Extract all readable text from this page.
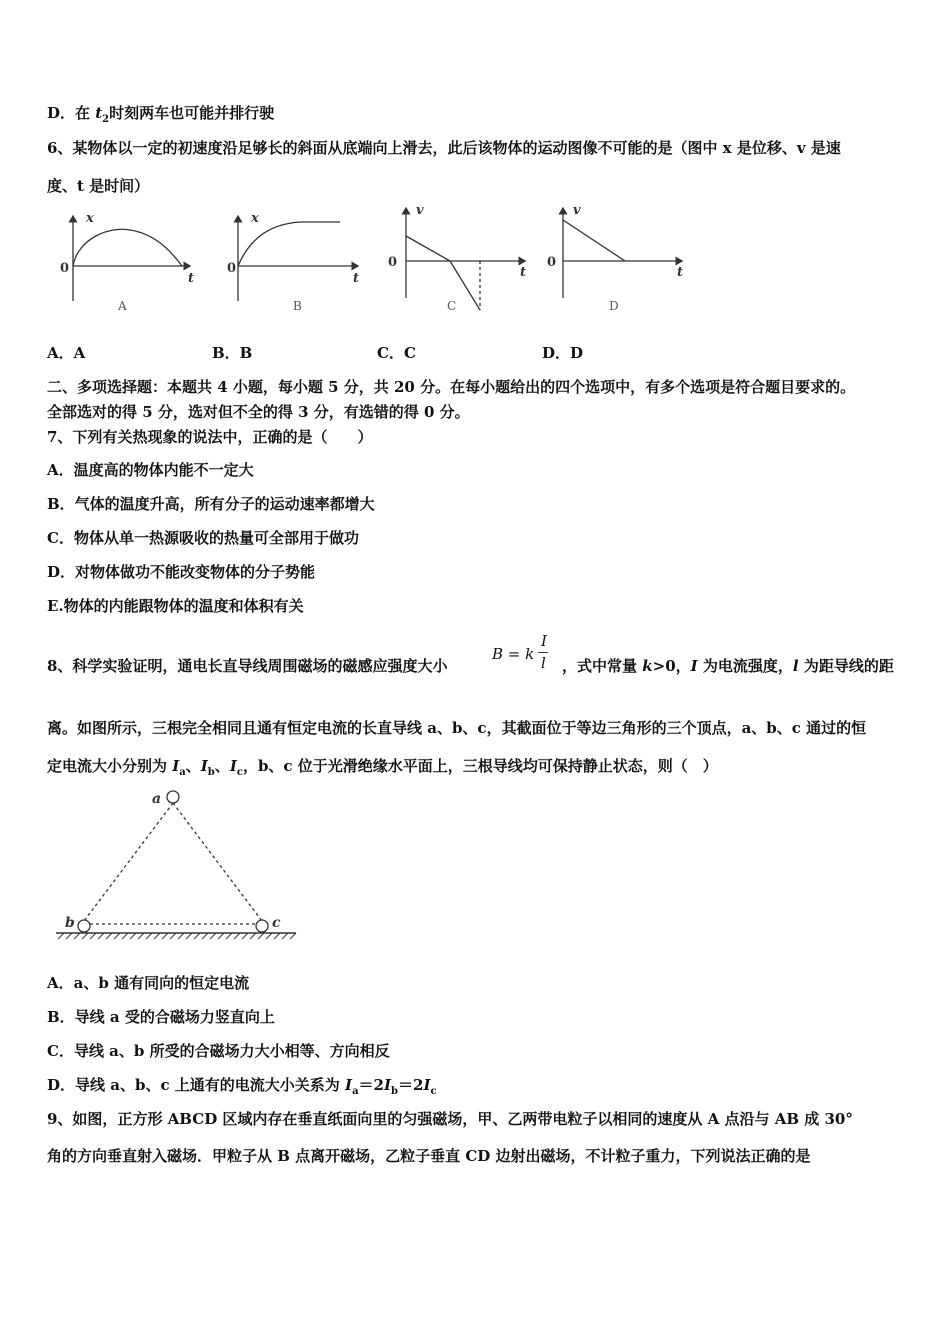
D．在 $t_2$时刻两车也可能并排行驶
6、某物体以一定的初速度沿足够长的斜面从底端向上滑去，此后该物体的运动图像不可能的是（图中 x 是位移、v 是速
度、t 是时间）
x
t
0
A
x
t
0
B
v
t
0
C
v
t
0
D
A．A	B．B	C．C	D．D
二、多项选择题：本题共 4 小题，每小题 5 分，共 20 分。在每小题给出的四个选项中，有多个选项是符合题目要求的。
全部选对的得 5 分，选对但不全的得 3 分，有选错的得 0 分。
7、下列有关热现象的说法中，正确的是（　　）
A．温度高的物体内能不一定大
B．气体的温度升高，所有分子的运动速率都增大
C．物体从单一热源吸收的热量可全部用于做功
D．对物体做功不能改变物体的分子势能
E.物体的内能跟物体的温度和体积有关
8、科学实验证明，通电长直导线周围磁场的磁感应强度大小
B = k
I
l ，式中常量 k>0，I 为电流强度，l 为距导线的距
离。如图所示，三根完全相同且通有恒定电流的长直导线 a、b、c，其截面位于等边三角形的三个顶点，a、b、c 通过的恒
定电流大小分别为 $I_a$、$I_b$、$I_c$，b、c 位于光滑绝缘水平面上，三根导线均可保持静止状态，则（　）
a
b	c
A．a、b 通有同向的恒定电流
B．导线 a 受的合磁场力竖直向上
C．导线 a、b 所受的合磁场力大小相等、方向相反
D．导线 a、b、c 上通有的电流大小关系为 $I_a=2I_b=2I_c$
9、如图，正方形 ABCD 区域内存在垂直纸面向里的匀强磁场，甲、乙两带电粒子以相同的速度从 A 点沿与 AB 成 30°
角的方向垂直射入磁场．甲粒子从 B 点离开磁场，乙粒子垂直 CD 边射出磁场，不计粒子重力，下列说法正确的是
